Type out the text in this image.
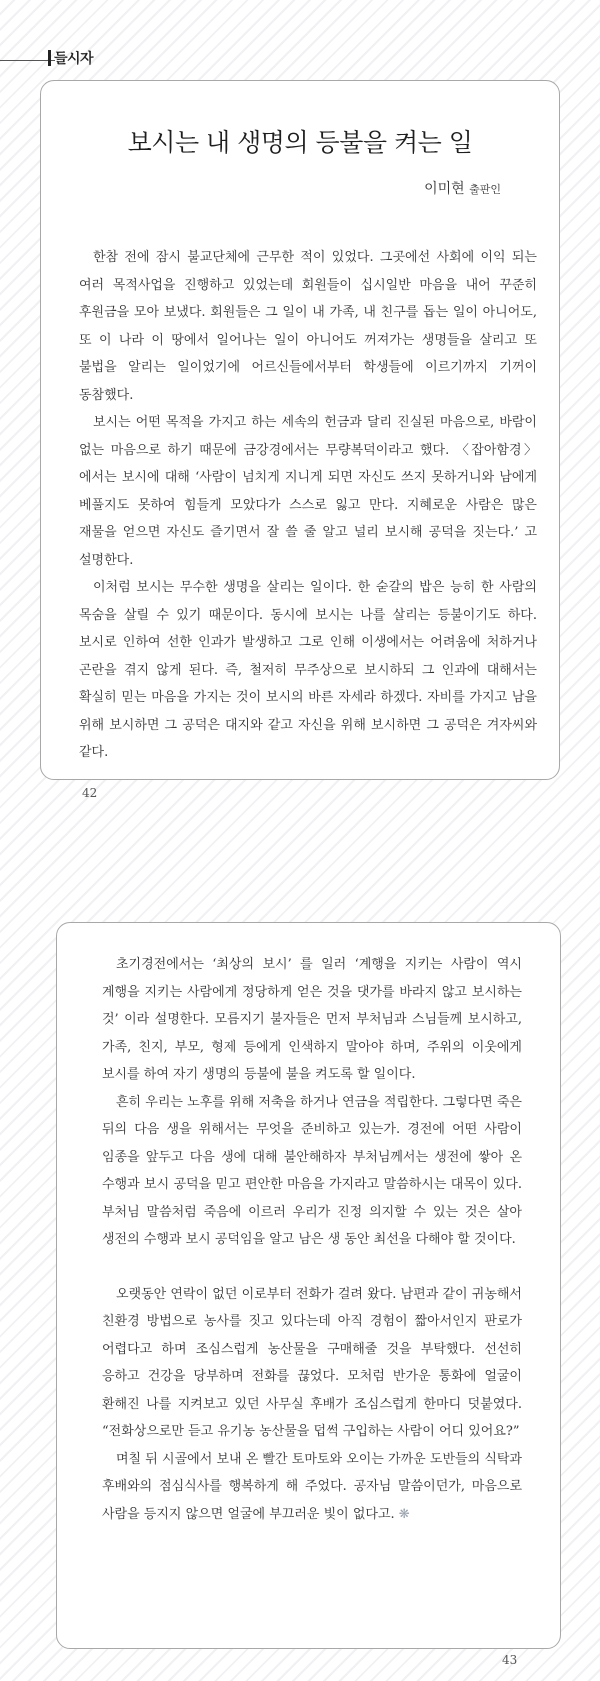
들시자
보시는 내 생명의 등불을 켜는 일
이미현 출판인

한참 전에 잠시 불교단체에 근무한 적이 있었다. 그곳에선 사회에 이익 되는 여러 목적사업을 진행하고 있었는데 회원들이 십시일반 마음을 내어 꾸준히 후원금을 모아 보냈다. 회원들은 그 일이 내 가족, 내 친구를 돕는 일이 아니어도, 또 이 나라 이 땅에서 일어나는 일이 아니어도 꺼져가는 생명들을 살리고 또 불법을 알리는 일이었기에 어르신들에서부터 학생들에 이르기까지 기꺼이 동참했다.

보시는 어떤 목적을 가지고 하는 세속의 헌금과 달리 진실된 마음으로, 바람이 없는 마음으로 하기 때문에 금강경에서는 무량복덕이라고 했다. 〈잡아함경〉에서는 보시에 대해 ‘사람이 넘치게 지니게 되면 자신도 쓰지 못하거니와 남에게 베풀지도 못하여 힘들게 모았다가 스스로 잃고 만다. 지혜로운 사람은 많은 재물을 얻으면 자신도 즐기면서 잘 쓸 줄 알고 널리 보시해 공덕을 짓는다.’ 고 설명한다.

이처럼 보시는 무수한 생명을 살리는 일이다. 한 숟갈의 밥은 능히 한 사람의 목숨을 살릴 수 있기 때문이다. 동시에 보시는 나를 살리는 등불이기도 하다. 보시로 인하여 선한 인과가 발생하고 그로 인해 이생에서는 어려움에 처하거나 곤란을 겪지 않게 된다. 즉, 철저히 무주상으로 보시하되 그 인과에 대해서는 확실히 믿는 마음을 가지는 것이 보시의 바른 자세라 하겠다. 자비를 가지고 남을 위해 보시하면 그 공덕은 대지와 같고 자신을 위해 보시하면 그 공덕은 겨자씨와 같다.

42

초기경전에서는 ‘최상의 보시’ 를 일러 ‘계행을 지키는 사람이 역시 계행을 지키는 사람에게 정당하게 얻은 것을 댓가를 바라지 않고 보시하는 것’ 이라 설명한다. 모름지기 불자들은 먼저 부처님과 스님들께 보시하고, 가족, 친지, 부모, 형제 등에게 인색하지 말아야 하며, 주위의 이웃에게 보시를 하여 자기 생명의 등불에 불을 켜도록 할 일이다.

흔히 우리는 노후를 위해 저축을 하거나 연금을 적립한다. 그렇다면 죽은 뒤의 다음 생을 위해서는 무엇을 준비하고 있는가. 경전에 어떤 사람이 임종을 앞두고 다음 생에 대해 불안해하자 부처님께서는 생전에 쌓아 온 수행과 보시 공덕을 믿고 편안한 마음을 가지라고 말씀하시는 대목이 있다. 부처님 말씀처럼 죽음에 이르러 우리가 진정 의지할 수 있는 것은 살아 생전의 수행과 보시 공덕임을 알고 남은 생 동안 최선을 다해야 할 것이다.

오랫동안 연락이 없던 이로부터 전화가 걸려 왔다. 남편과 같이 귀농해서 친환경 방법으로 농사를 짓고 있다는데 아직 경험이 짧아서인지 판로가 어렵다고 하며 조심스럽게 농산물을 구매해줄 것을 부탁했다. 선선히 응하고 건강을 당부하며 전화를 끊었다. 모처럼 반가운 통화에 얼굴이 환해진 나를 지켜보고 있던 사무실 후배가 조심스럽게 한마디 덧붙였다. “전화상으로만 듣고 유기농 농산물을 덥썩 구입하는 사람이 어디 있어요?”

며칠 뒤 시골에서 보내 온 빨간 토마토와 오이는 가까운 도반들의 식탁과 후배와의 점심식사를 행복하게 해 주었다. 공자님 말씀이던가, 마음으로 사람을 등지지 않으면 얼굴에 부끄러운 빛이 없다고. ❋

43
